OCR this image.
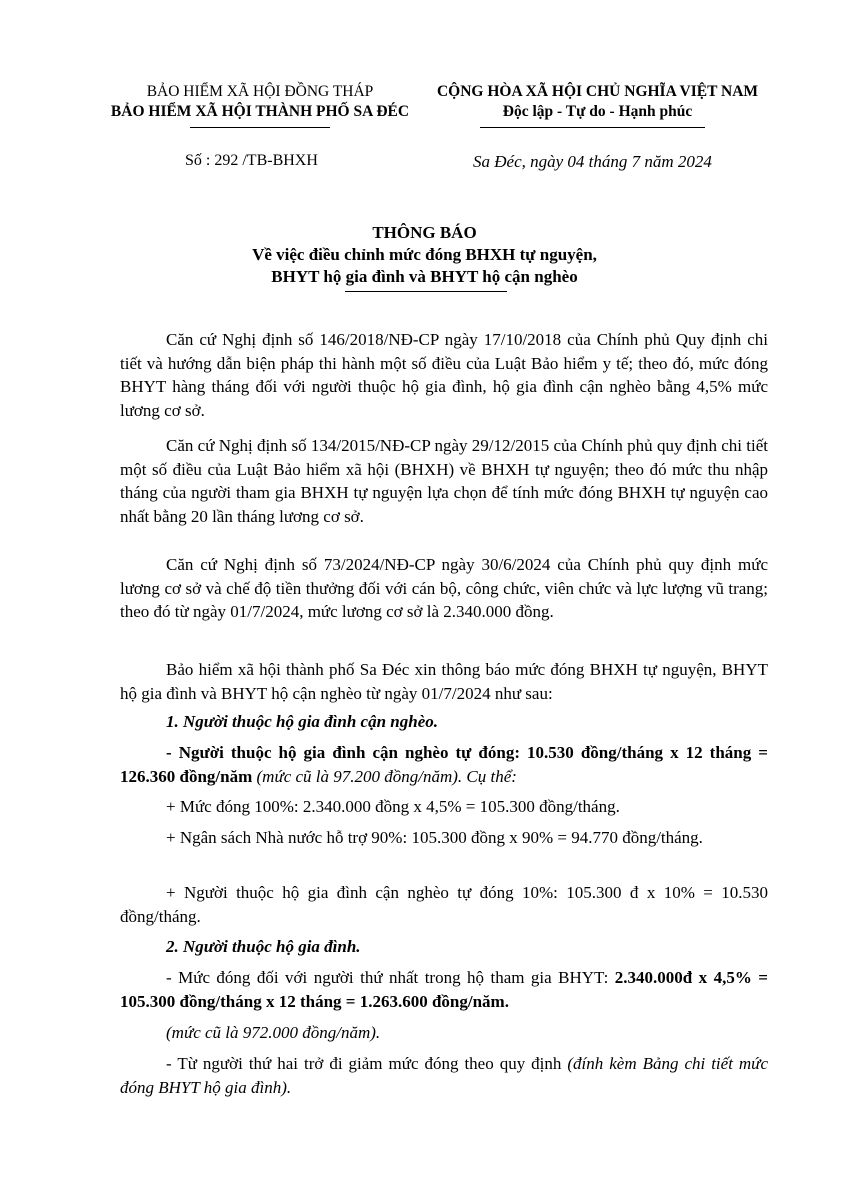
BẢO HIỂM XÃ HỘI ĐỒNG THÁP
BẢO HIỂM XÃ HỘI THÀNH PHỐ SA ĐÉC
CỘNG HÒA XÃ HỘI CHỦ NGHĨA VIỆT NAM
Độc lập - Tự do - Hạnh phúc
Số : 292 /TB-BHXH	Sa Đéc, ngày 04 tháng 7 năm 2024
THÔNG BÁO
Về việc điều chỉnh mức đóng BHXH tự nguyện,
BHYT hộ gia đình và BHYT hộ cận nghèo
Căn cứ Nghị định số 146/2018/NĐ-CP ngày 17/10/2018 của Chính phủ Quy định chi tiết và hướng dẫn biện pháp thi hành một số điều của Luật Bảo hiểm y tế; theo đó, mức đóng BHYT hàng tháng đối với người thuộc hộ gia đình, hộ gia đình cận nghèo bằng 4,5% mức lương cơ sở.
Căn cứ Nghị định số 134/2015/NĐ-CP ngày 29/12/2015 của Chính phủ quy định chi tiết một số điều của Luật Bảo hiểm xã hội (BHXH) về BHXH tự nguyện; theo đó mức thu nhập tháng của người tham gia BHXH tự nguyện lựa chọn để tính mức đóng BHXH tự nguyện cao nhất bằng 20 lần tháng lương cơ sở.
Căn cứ Nghị định số 73/2024/NĐ-CP ngày 30/6/2024 của Chính phủ quy định mức lương cơ sở và chế độ tiền thưởng đối với cán bộ, công chức, viên chức và lực lượng vũ trang; theo đó từ ngày 01/7/2024, mức lương cơ sở là 2.340.000 đồng.
Bảo hiểm xã hội thành phố Sa Đéc xin thông báo mức đóng BHXH tự nguyện, BHYT hộ gia đình và BHYT hộ cận nghèo từ ngày 01/7/2024 như sau:
1. Người thuộc hộ gia đình cận nghèo.
- Người thuộc hộ gia đình cận nghèo tự đóng: 10.530 đồng/tháng x 12 tháng = 126.360 đồng/năm (mức cũ là 97.200 đồng/năm). Cụ thể:
+ Mức đóng 100%: 2.340.000 đồng x 4,5% = 105.300 đồng/tháng.
+ Ngân sách Nhà nước hỗ trợ 90%: 105.300 đồng x 90% = 94.770 đồng/tháng.
+ Người thuộc hộ gia đình cận nghèo tự đóng 10%: 105.300 đ x 10% = 10.530 đồng/tháng.
2. Người thuộc hộ gia đình.
- Mức đóng đối với người thứ nhất trong hộ tham gia BHYT: 2.340.000đ x 4,5% = 105.300 đồng/tháng x 12 tháng = 1.263.600 đồng/năm.
(mức cũ là 972.000 đồng/năm).
- Từ người thứ hai trở đi giảm mức đóng theo quy định (đính kèm Bảng chi tiết mức đóng BHYT hộ gia đình).
